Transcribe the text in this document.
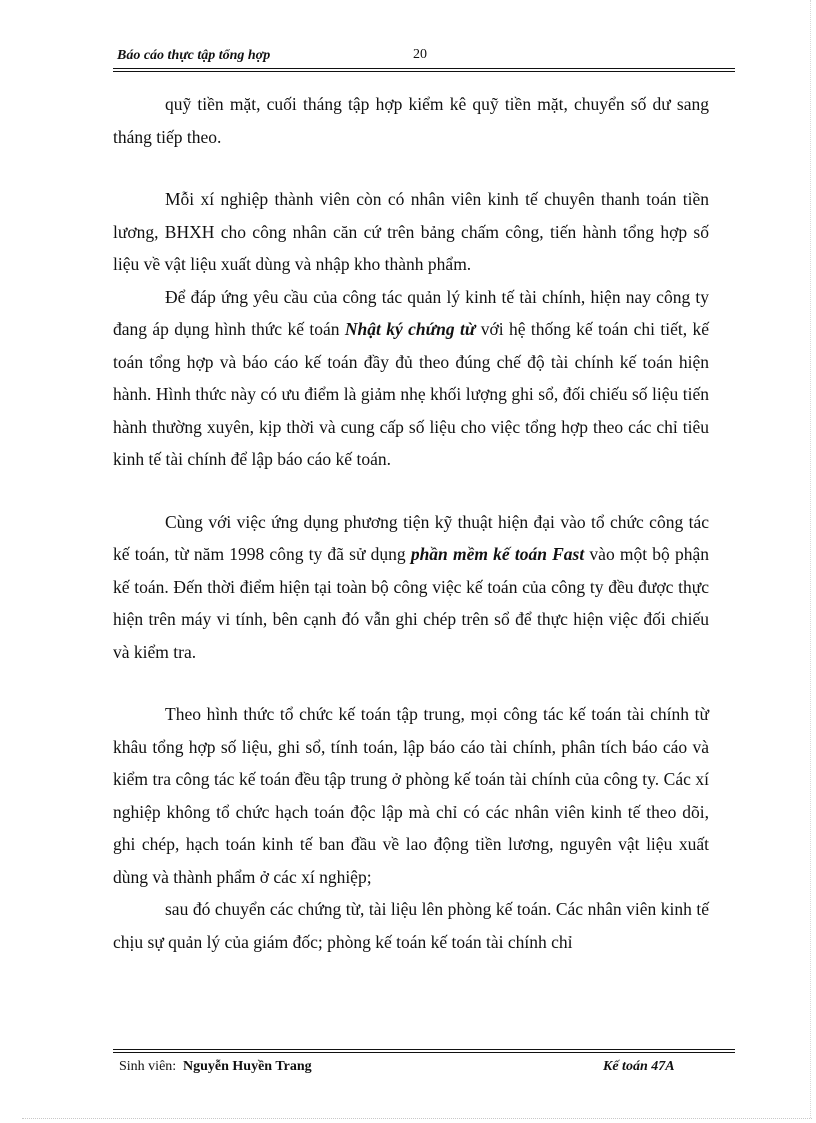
Báo cáo thực tập tổng hợp	20

quỹ tiền mặt, cuối tháng tập hợp kiểm kê quỹ tiền mặt, chuyển số dư sang tháng tiếp theo.

Mỗi xí nghiệp thành viên còn có nhân viên kinh tế chuyên thanh toán tiền lương, BHXH cho công nhân căn cứ trên bảng chấm công, tiến hành tổng hợp số liệu về vật liệu xuất dùng và nhập kho thành phẩm.

Để đáp ứng yêu cầu của công tác quản lý kinh tế tài chính, hiện nay công ty đang áp dụng hình thức kế toán Nhật ký chứng từ với hệ thống kế toán chi tiết, kế toán tổng hợp và báo cáo kế toán đầy đủ theo đúng chế độ tài chính kế toán hiện hành. Hình thức này có ưu điểm là giảm nhẹ khối lượng ghi sổ, đối chiếu số liệu tiến hành thường xuyên, kịp thời và cung cấp số liệu cho việc tổng hợp theo các chỉ tiêu kinh tế tài chính để lập báo cáo kế toán.

Cùng với việc ứng dụng phương tiện kỹ thuật hiện đại vào tổ chức công tác kế toán, từ năm 1998 công ty đã sử dụng phần mềm kế toán Fast vào một bộ phận kế toán. Đến thời điểm hiện tại toàn bộ công việc kế toán của công ty đều được thực hiện trên máy vi tính, bên cạnh đó vẫn ghi chép trên sổ để thực hiện việc đối chiếu và kiểm tra.

Theo hình thức tổ chức kế toán tập trung, mọi công tác kế toán tài chính từ khâu tổng hợp số liệu, ghi sổ, tính toán, lập báo cáo tài chính, phân tích báo cáo và kiểm tra công tác kế toán đều tập trung ở phòng kế toán tài chính của công ty. Các xí nghiệp không tổ chức hạch toán độc lập mà chỉ có các nhân viên kinh tế theo dõi, ghi chép, hạch toán kinh tế ban đầu về lao động tiền lương, nguyên vật liệu xuất dùng và thành phẩm ở các xí nghiệp;

sau đó chuyển các chứng từ, tài liệu lên phòng kế toán. Các nhân viên kinh tế chịu sự quản lý của giám đốc; phòng kế toán kế toán tài chính chỉ

Sinh viên: Nguyễn Huyền Trang	Kế toán 47A
